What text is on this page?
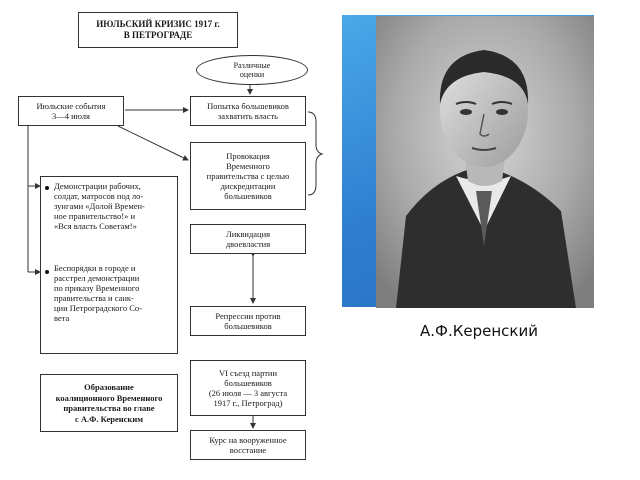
ИЮЛЬСКИЙ КРИЗИС 1917 г.
В ПЕТРОГРАДЕ
Различные
оценки
Июльские события
3—4 июля
Попытка большевиков
захватить власть
Провокация
Временного
правительства с целью
дискредитации
большевиков
Демонстрации рабочих,
солдат, матросов под ло-
зунгами «Долой Времен-
ное правительство!» и
«Вся власть Советам!»
Беспорядки в городе и
расстрел демонстрации
по приказу Временного
правительства и санк-
ции Петроградского Со-
вета
Ликвидация
двоевластия
Репрессии против
большевиков
Образование
коалиционного Временного
правительства во главе
с А.Ф. Керенским
VI съезд партии
большевиков
(26 июля — 3 августа
1917 г., Петроград)
Курс на вооруженное
восстание
А.Ф.Керенский
